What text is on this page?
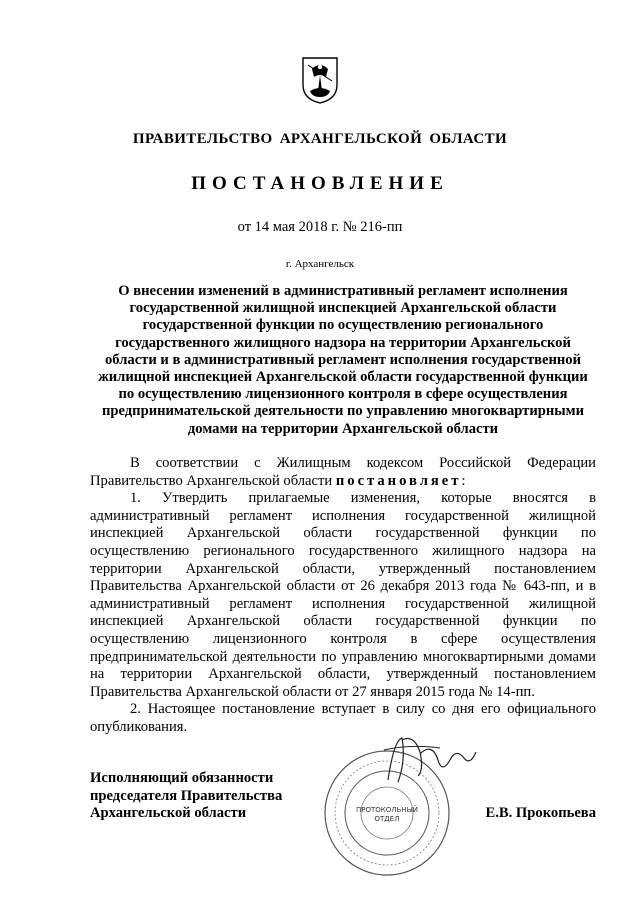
ПРАВИТЕЛЬСТВО АРХАНГЕЛЬСКОЙ ОБЛАСТИ
ПОСТАНОВЛЕНИЕ
от 14 мая 2018 г. № 216-пп
г. Архангельск
О внесении изменений в административный регламент исполнения государственной жилищной инспекцией Архангельской области государственной функции по осуществлению регионального государственного жилищного надзора на территории Архангельской области и в административный регламент исполнения государственной жилищной инспекцией Архангельской области государственной функции по осуществлению лицензионного контроля в сфере осуществления предпринимательской деятельности по управлению многоквартирными домами на территории Архангельской области

В соответствии с Жилищным кодексом Российской Федерации Правительство Архангельской области постановляет:

1. Утвердить прилагаемые изменения, которые вносятся в административный регламент исполнения государственной жилищной инспекцией Архангельской области государственной функции по осуществлению регионального государственного жилищного надзора на территории Архангельской области, утвержденный постановлением Правительства Архангельской области от 26 декабря 2013 года № 643-пп, и в административный регламент исполнения государственной жилищной инспекцией Архангельской области государственной функции по осуществлению лицензионного контроля в сфере осуществления предпринимательской деятельности по управлению многоквартирными домами на территории Архангельской области, утвержденный постановлением Правительства Архангельской области от 27 января 2015 года № 14-пп.

2. Настоящее постановление вступает в силу со дня его официального опубликования.

Исполняющий обязанности
председателя Правительства
Архангельской области	ПРОТОКОЛЬНЫЙ
ОТДЕЛ	Е.В. Прокопьева
